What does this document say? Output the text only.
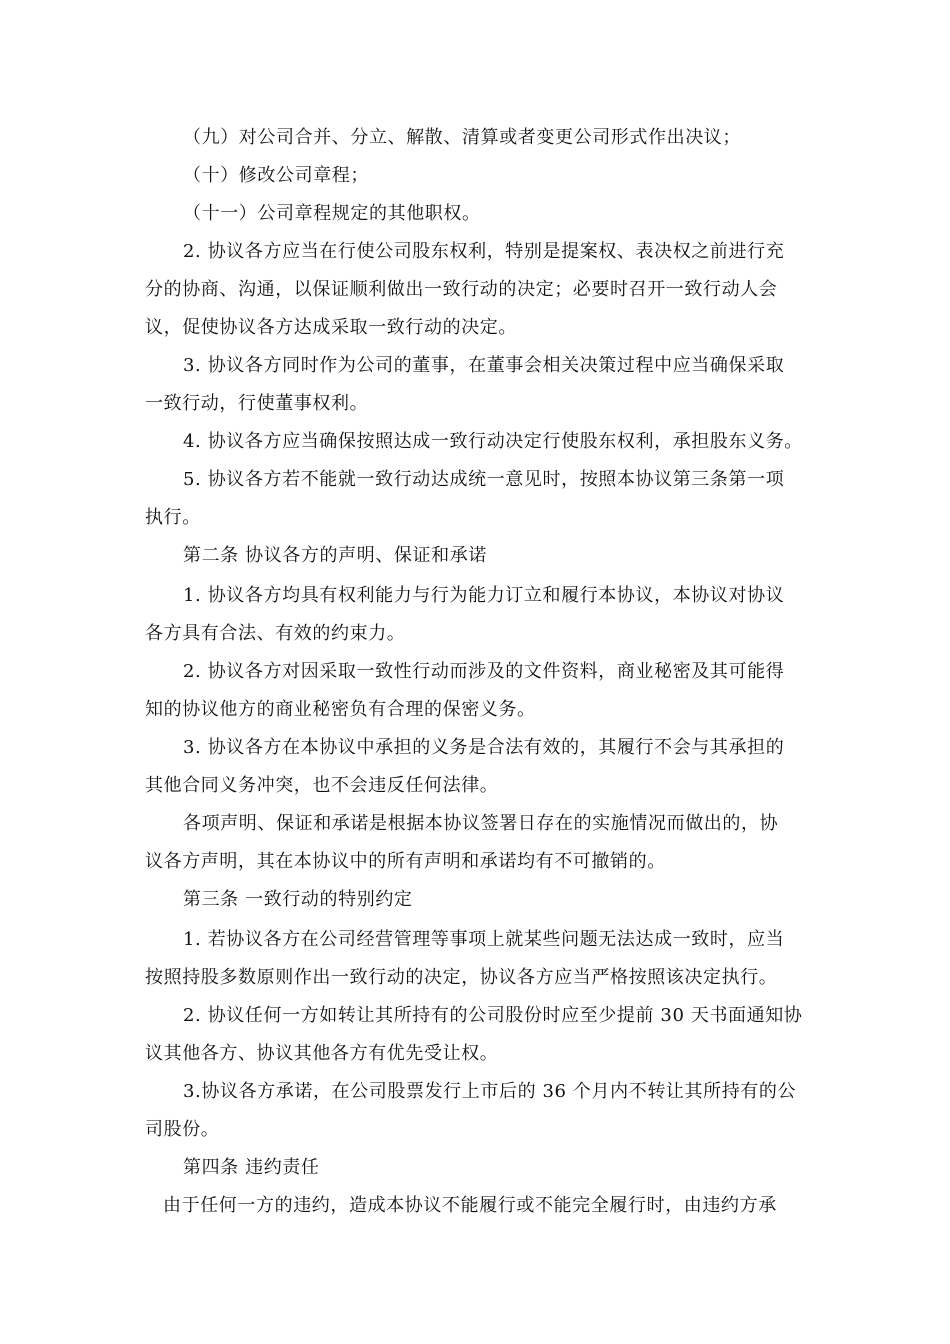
（九）对公司合并、分立、解散、清算或者变更公司形式作出决议；
（十）修改公司章程；
（十一）公司章程规定的其他职权。
2. 协议各方应当在行使公司股东权利，特别是提案权、表决权之前进行充
分的协商、沟通，以保证顺利做出一致行动的决定；必要时召开一致行动人会
议，促使协议各方达成采取一致行动的决定。
3. 协议各方同时作为公司的董事，在董事会相关决策过程中应当确保采取
一致行动，行使董事权利。
4. 协议各方应当确保按照达成一致行动决定行使股东权利，承担股东义务。
5. 协议各方若不能就一致行动达成统一意见时，按照本协议第三条第一项
执行。
第二条 协议各方的声明、保证和承诺
1. 协议各方均具有权利能力与行为能力订立和履行本协议，本协议对协议
各方具有合法、有效的约束力。
2. 协议各方对因采取一致性行动而涉及的文件资料，商业秘密及其可能得
知的协议他方的商业秘密负有合理的保密义务。
3. 协议各方在本协议中承担的义务是合法有效的，其履行不会与其承担的
其他合同义务冲突，也不会违反任何法律。
各项声明、保证和承诺是根据本协议签署日存在的实施情况而做出的，协
议各方声明，其在本协议中的所有声明和承诺均有不可撤销的。
第三条 一致行动的特别约定
1. 若协议各方在公司经营管理等事项上就某些问题无法达成一致时，应当
按照持股多数原则作出一致行动的决定，协议各方应当严格按照该决定执行。
2. 协议任何一方如转让其所持有的公司股份时应至少提前 30 天书面通知协
议其他各方、协议其他各方有优先受让权。
3.协议各方承诺，在公司股票发行上市后的 36 个月内不转让其所持有的公
司股份。
第四条 违约责任
由于任何一方的违约，造成本协议不能履行或不能完全履行时，由违约方承
